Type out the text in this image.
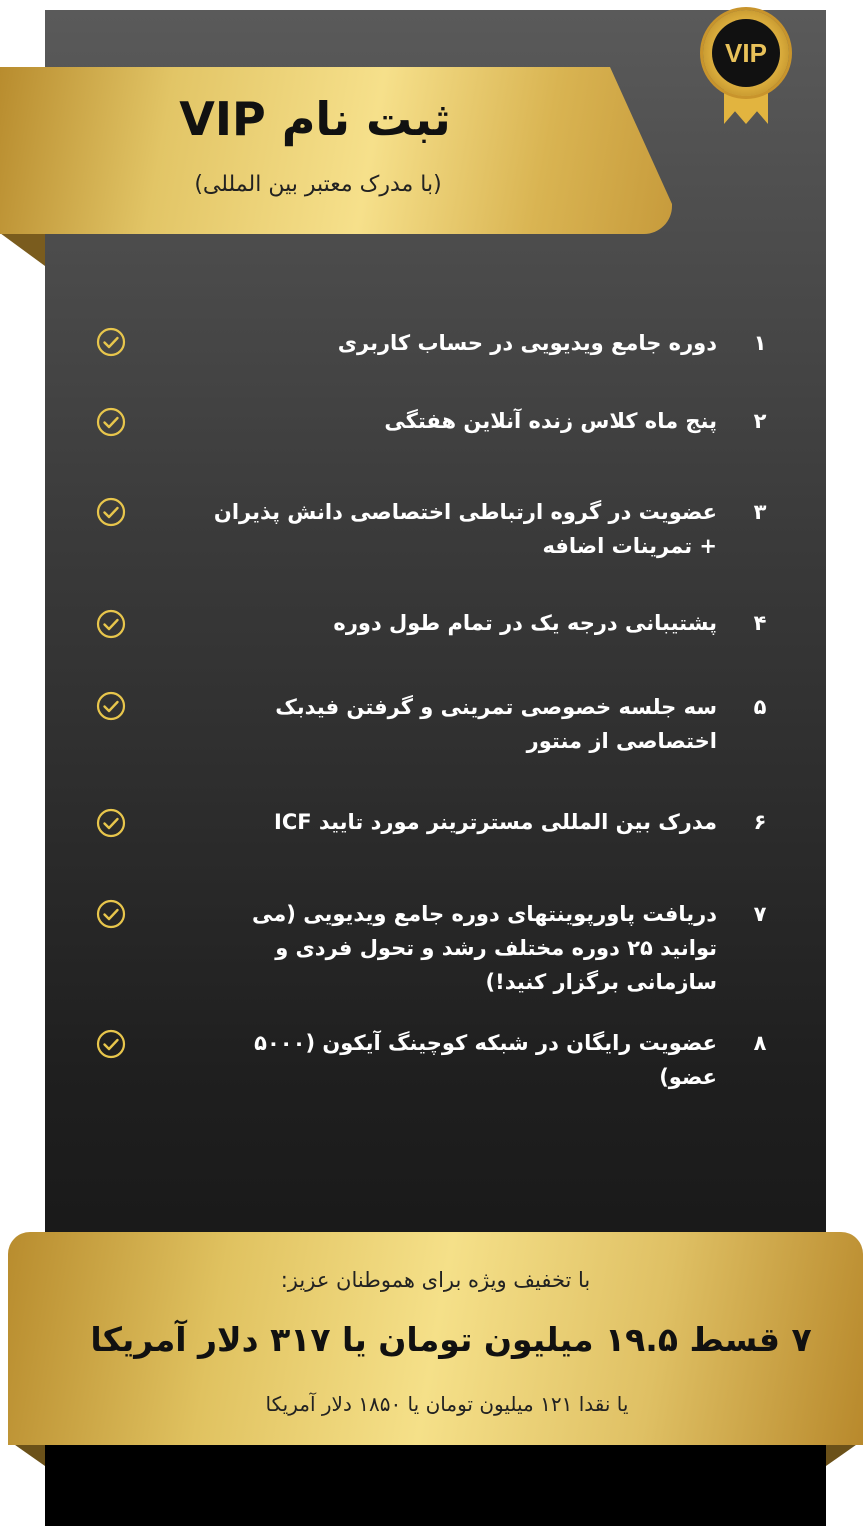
ثبت نام VIP
(با مدرک معتبر بین المللی)
VIP
۱
دوره جامع ویدیویی در حساب کاربری
۲
پنج ماه کلاس زنده آنلاین هفتگی
۳
عضویت در گروه ارتباطی اختصاصی دانش پذیران + تمرینات اضافه
۴
پشتیبانی درجه یک در تمام طول دوره
۵
سه جلسه خصوصی تمرینی و گرفتن فیدبک اختصاصی از منتور
۶
مدرک بین المللی مسترترینر مورد تایید ICF
۷
دریافت پاورپوینتهای دوره جامع ویدیویی (می توانید ۲۵ دوره مختلف رشد و تحول فردی و سازمانی برگزار کنید!)
۸
عضویت رایگان در شبکه کوچینگ آیکون (۵۰۰۰ عضو)
با تخفیف ویژه برای هموطنان عزیز:
۷ قسط ۱۹.۵ میلیون تومان یا ۳۱۷ دلار آمریکا
یا نقدا ۱۲۱ میلیون تومان یا ۱۸۵۰ دلار آمریکا
